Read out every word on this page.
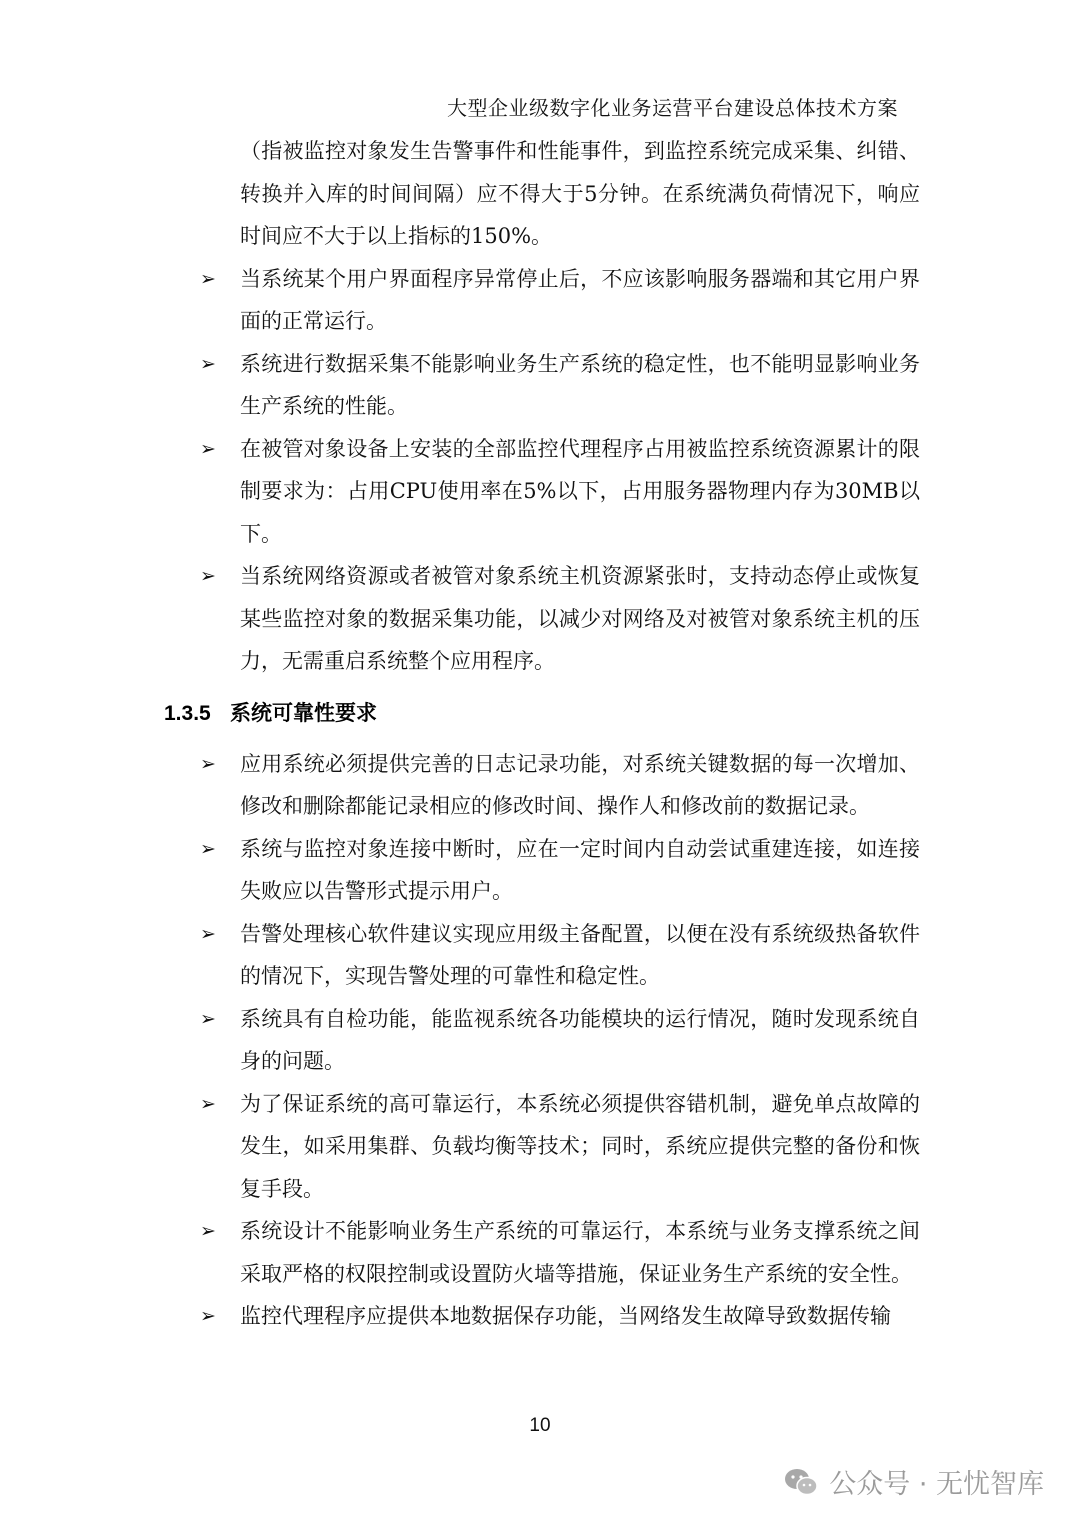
大型企业级数字化业务运营平台建设总体技术方案
（指被监控对象发生告警事件和性能事件，到监控系统完成采集、纠错、转换并入库的时间间隔）应不得大于5分钟。在系统满负荷情况下，响应时间应不大于以上指标的150%。
➢ 当系统某个用户界面程序异常停止后，不应该影响服务器端和其它用户界面的正常运行。
➢ 系统进行数据采集不能影响业务生产系统的稳定性，也不能明显影响业务生产系统的性能。
➢ 在被管对象设备上安装的全部监控代理程序占用被监控系统资源累计的限制要求为：占用CPU使用率在5%以下，占用服务器物理内存为30MB以下。
➢ 当系统网络资源或者被管对象系统主机资源紧张时，支持动态停止或恢复某些监控对象的数据采集功能，以减少对网络及对被管对象系统主机的压力，无需重启系统整个应用程序。
1.3.5 系统可靠性要求
➢ 应用系统必须提供完善的日志记录功能，对系统关键数据的每一次增加、修改和删除都能记录相应的修改时间、操作人和修改前的数据记录。
➢ 系统与监控对象连接中断时，应在一定时间内自动尝试重建连接，如连接失败应以告警形式提示用户。
➢ 告警处理核心软件建议实现应用级主备配置，以便在没有系统级热备软件的情况下，实现告警处理的可靠性和稳定性。
➢ 系统具有自检功能，能监视系统各功能模块的运行情况，随时发现系统自身的问题。
➢ 为了保证系统的高可靠运行，本系统必须提供容错机制，避免单点故障的发生，如采用集群、负载均衡等技术；同时，系统应提供完整的备份和恢复手段。
➢ 系统设计不能影响业务生产系统的可靠运行，本系统与业务支撑系统之间采取严格的权限控制或设置防火墙等措施，保证业务生产系统的安全性。
➢ 监控代理程序应提供本地数据保存功能，当网络发生故障导致数据传输
10
公众号 · 无忧智库
